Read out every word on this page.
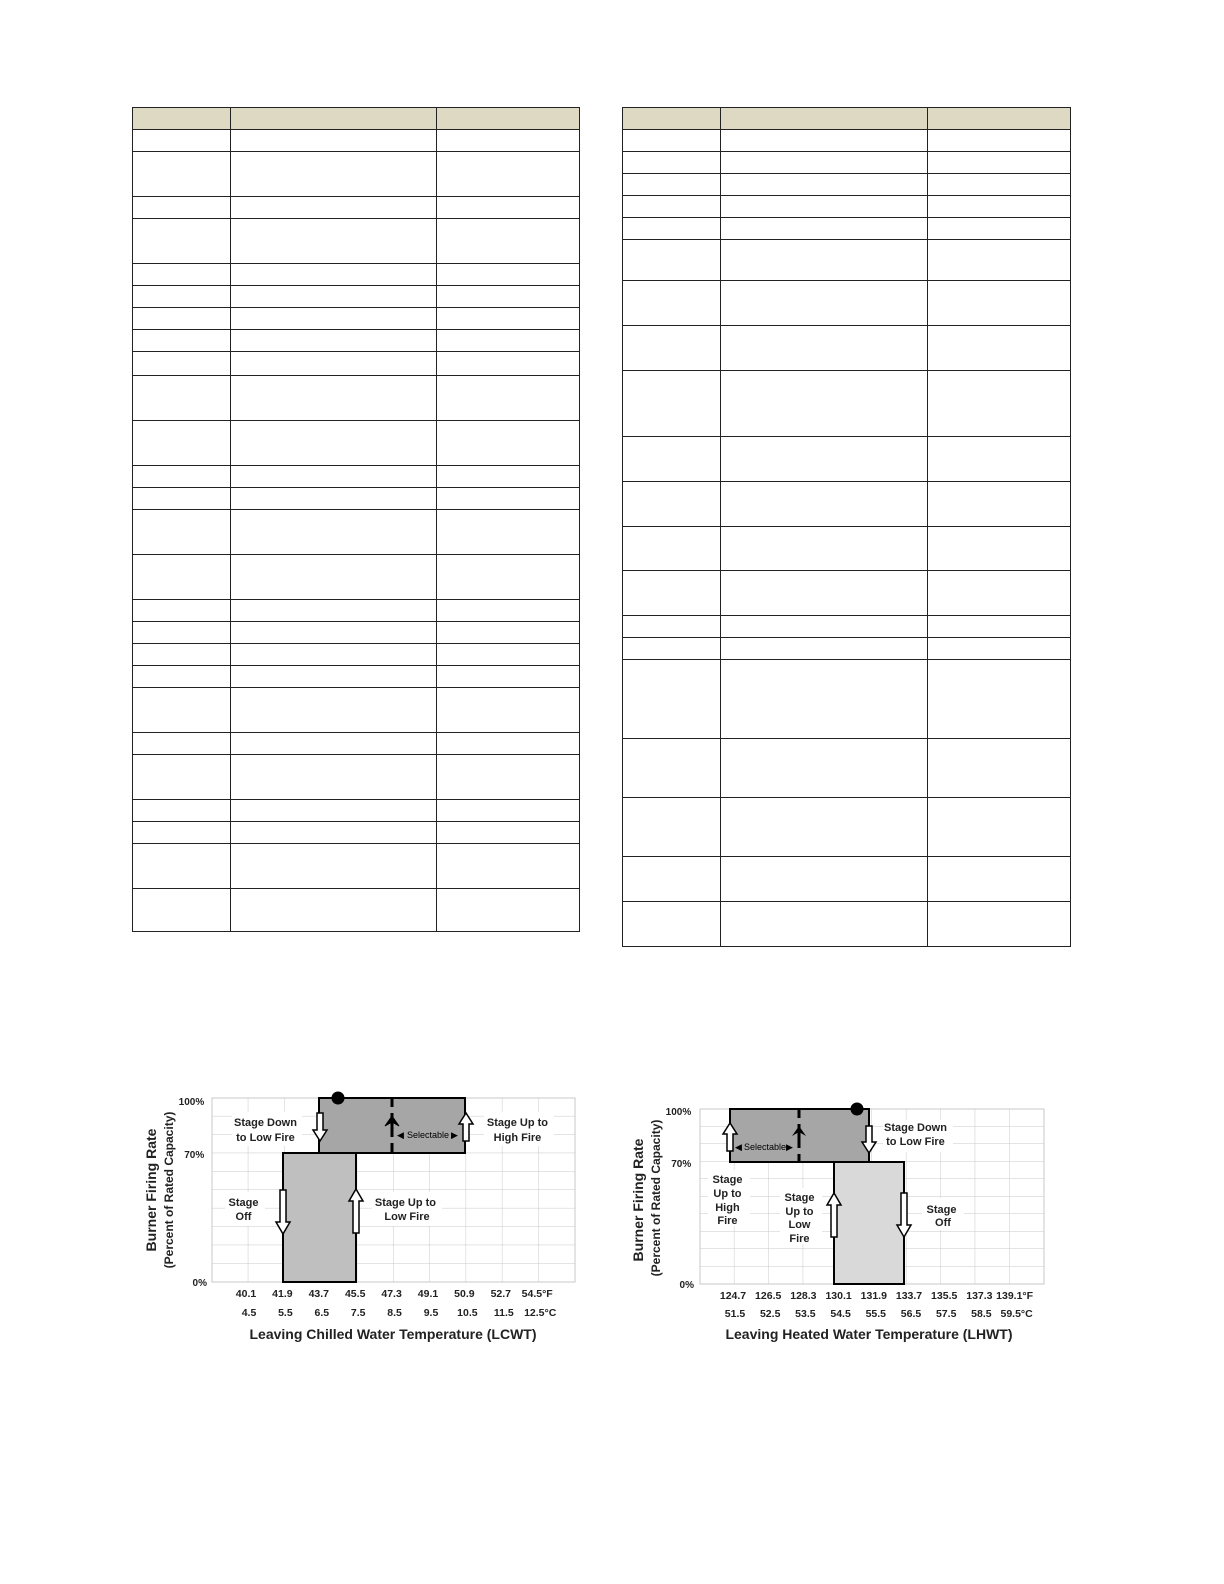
◀ Selectable ▶
Stage Down to Low Fire Stage Up to High Fire Stage Off Stage Up to Low Fire
100% 70% 0%
Burner Firing Rate (Percent of Rated Capacity)
40.1 41.9 43.7 45.5 47.3 49.1 50.9 52.7 54.5°F
4.5 5.5 6.5 7.5 8.5 9.5 10.5 11.5 12.5°C
Leaving Chilled Water Temperature (LCWT)
◀ Selectable ▶
Stage Down to Low Fire Stage Up to High Fire Stage Up to Low Fire Stage Off
100% 70% 0%
Burner Firing Rate (Percent of Rated Capacity)
124.7 126.5 128.3 130.1 131.9 133.7 135.5 137.3 139.1°F
51.5 52.5 53.5 54.5 55.5 56.5 57.5 58.5 59.5°C
Leaving Heated Water Temperature (LHWT)
